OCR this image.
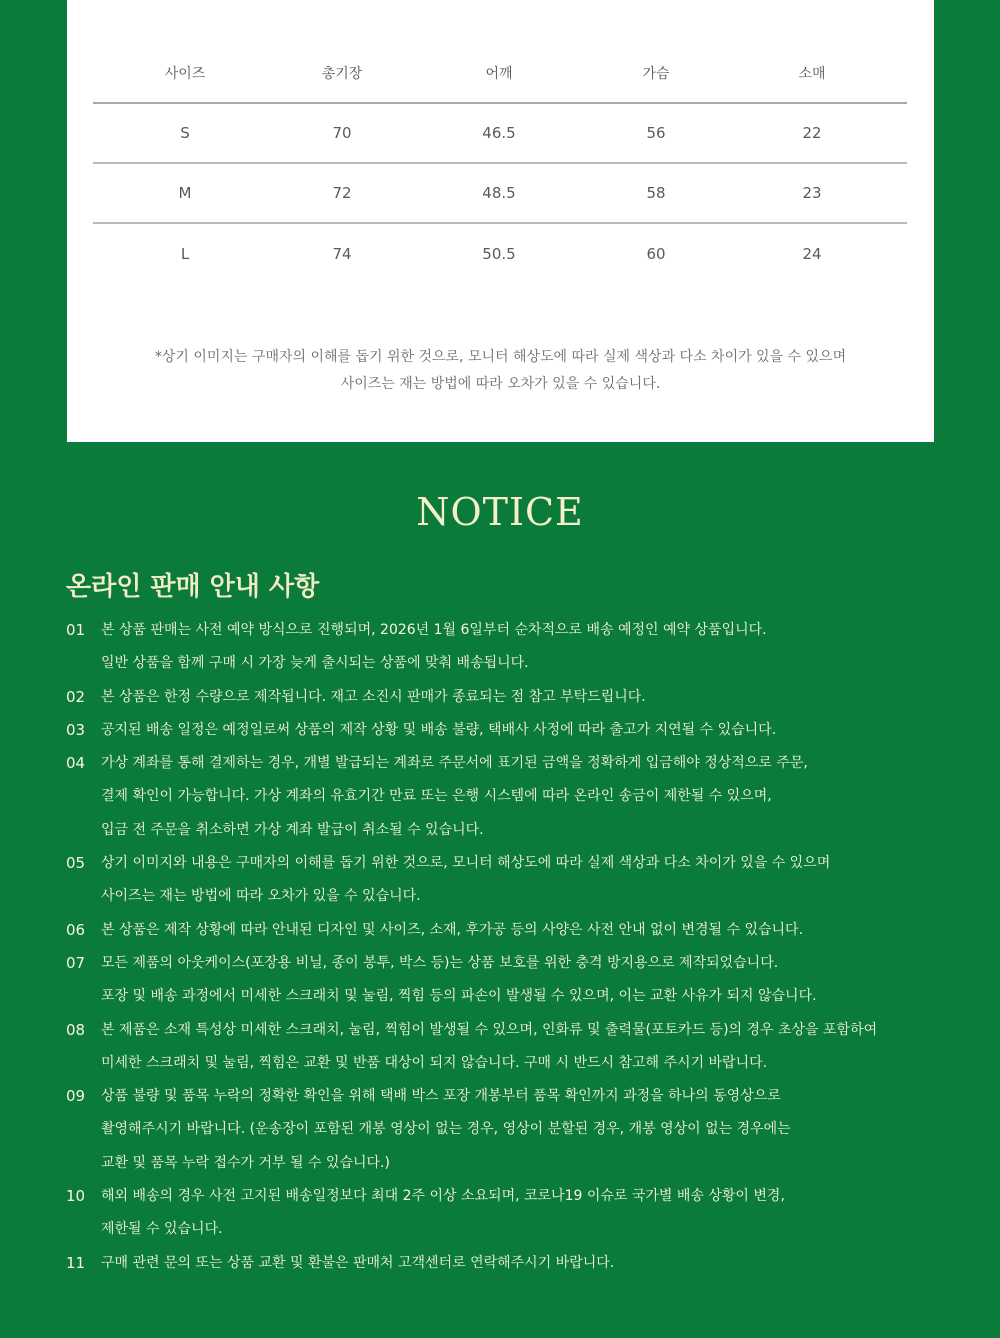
사이즈	총기장	어깨	가슴	소매
S	70	46.5	56	22
M	72	48.5	58	23
L	74	50.5	60	24
*상기 이미지는 구매자의 이해를 돕기 위한 것으로, 모니터 해상도에 따라 실제 색상과 다소 차이가 있을 수 있으며
사이즈는 재는 방법에 따라 오차가 있을 수 있습니다.
NOTICE
온라인 판매 안내 사항
01	본 상품 판매는 사전 예약 방식으로 진행되며, 2026년 1월 6일부터 순차적으로 배송 예정인 예약 상품입니다.
일반 상품을 함께 구매 시 가장 늦게 출시되는 상품에 맞춰 배송됩니다.
02	본 상품은 한정 수량으로 제작됩니다. 재고 소진시 판매가 종료되는 점 참고 부탁드립니다.
03	공지된 배송 일정은 예정일로써 상품의 제작 상황 및 배송 불량, 택배사 사정에 따라 출고가 지연될 수 있습니다.
04	가상 계좌를 통해 결제하는 경우, 개별 발급되는 계좌로 주문서에 표기된 금액을 정확하게 입금해야 정상적으로 주문,
결제 확인이 가능합니다. 가상 계좌의 유효기간 만료 또는 은행 시스템에 따라 온라인 송금이 제한될 수 있으며,
입금 전 주문을 취소하면 가상 계좌 발급이 취소될 수 있습니다.
05	상기 이미지와 내용은 구매자의 이해를 돕기 위한 것으로, 모니터 해상도에 따라 실제 색상과 다소 차이가 있을 수 있으며
사이즈는 재는 방법에 따라 오차가 있을 수 있습니다.
06	본 상품은 제작 상황에 따라 안내된 디자인 및 사이즈, 소재, 후가공 등의 사양은 사전 안내 없이 변경될 수 있습니다.
07	모든 제품의 아웃케이스(포장용 비닐, 종이 봉투, 박스 등)는 상품 보호를 위한 충격 방지용으로 제작되었습니다.
포장 및 배송 과정에서 미세한 스크래치 및 눌림, 찍힘 등의 파손이 발생될 수 있으며, 이는 교환 사유가 되지 않습니다.
08	본 제품은 소재 특성상 미세한 스크래치, 눌림, 찍힘이 발생될 수 있으며, 인화류 및 출력물(포토카드 등)의 경우 초상을 포함하여
미세한 스크래치 및 눌림, 찍힘은 교환 및 반품 대상이 되지 않습니다. 구매 시 반드시 참고해 주시기 바랍니다.
09	상품 불량 및 품목 누락의 정확한 확인을 위해 택배 박스 포장 개봉부터 품목 확인까지 과정을 하나의 동영상으로
촬영해주시기 바랍니다. (운송장이 포함된 개봉 영상이 없는 경우, 영상이 분할된 경우, 개봉 영상이 없는 경우에는
교환 및 품목 누락 접수가 거부 될 수 있습니다.)
10	해외 배송의 경우 사전 고지된 배송일정보다 최대 2주 이상 소요되며, 코로나19 이슈로 국가별 배송 상황이 변경,
제한될 수 있습니다.
11	구매 관련 문의 또는 상품 교환 및 환불은 판매처 고객센터로 연락해주시기 바랍니다.
